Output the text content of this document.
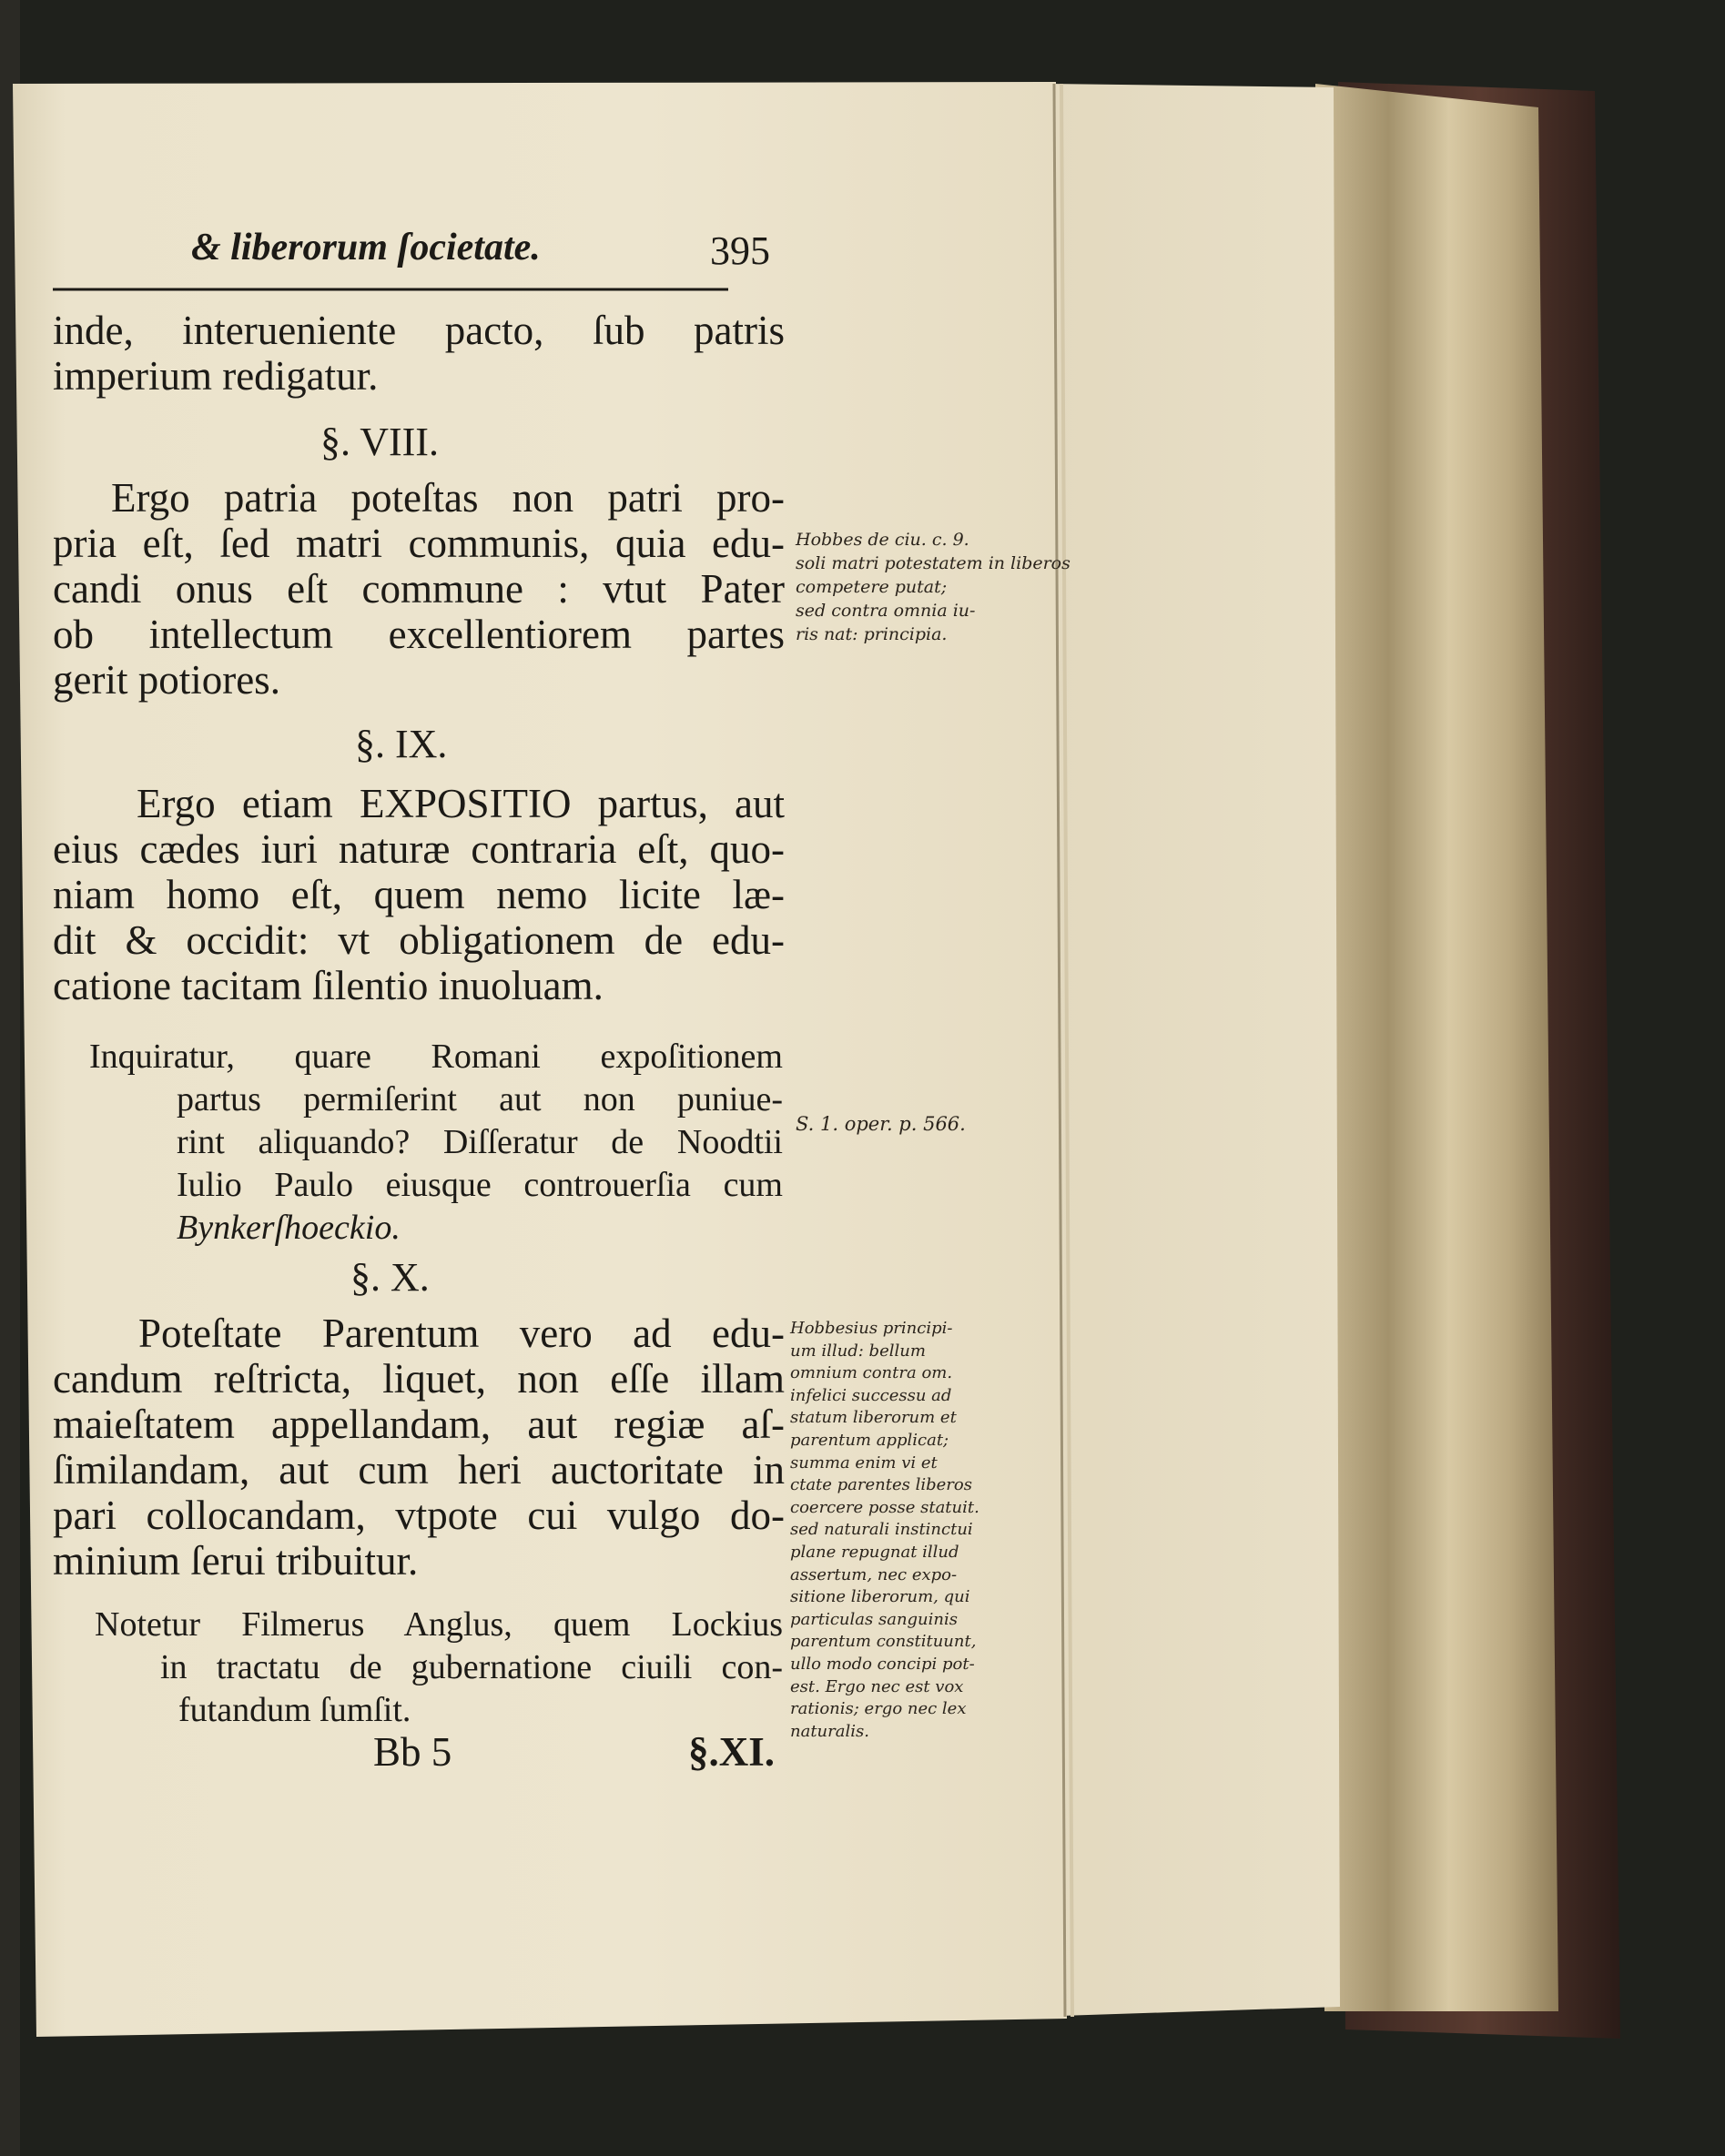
& liberorum ſocietate.	395

inde, interueniente pacto, ſub patris

imperium redigatur.

§. VIII.

Ergo patria poteſtas non patri pro-

pria eſt, ſed matri communis, quia edu-

candi onus eſt commune : vtut Pater

ob intellectum excellentiorem partes

gerit potiores.

§. IX.

Ergo etiam EXPOSITIO partus, aut

eius cædes iuri naturæ contraria eſt, quo-

niam homo eſt, quem nemo licite læ-

dit & occidit: vt obligationem de edu-

catione tacitam ſilentio inuoluam.

Inquiratur, quare Romani expoſitionem
partus permiſerint aut non puniue-
rint aliquando? Diſſeratur de Noodtii
Iulio Paulo eiusque controuerſia cum
Bynkerſhoeckio.
§. X.

Poteſtate Parentum vero ad edu-

candum reſtricta, liquet, non eſſe illam

maieſtatem appellandam, aut regiæ aſ-

ſimilandam, aut cum heri auctoritate in

pari collocandam, vtpote cui vulgo do-

minium ſerui tribuitur.

Notetur Filmerus Anglus, quem Lockius
in tractatu de gubernatione ciuili con-
futandum ſumſit.
Bb 5	§.XI.
Hobbes de ciu. c. 9.
soli matri potestatem in liberos
competere putat;
sed contra omnia iu-
ris nat: principia.
S. 1. oper. p. 566.
Hobbesius principi-
um illud: bellum
omnium contra om.
infelici successu ad
statum liberorum et
parentum applicat;
summa enim vi et
ctate parentes liberos
coercere posse statuit.
sed naturali instinctui
plane repugnat illud
assertum, nec expo-
sitione liberorum, qui
particulas sanguinis
parentum constituunt,
ullo modo concipi pot-
est. Ergo nec est vox
rationis; ergo nec lex
naturalis.
